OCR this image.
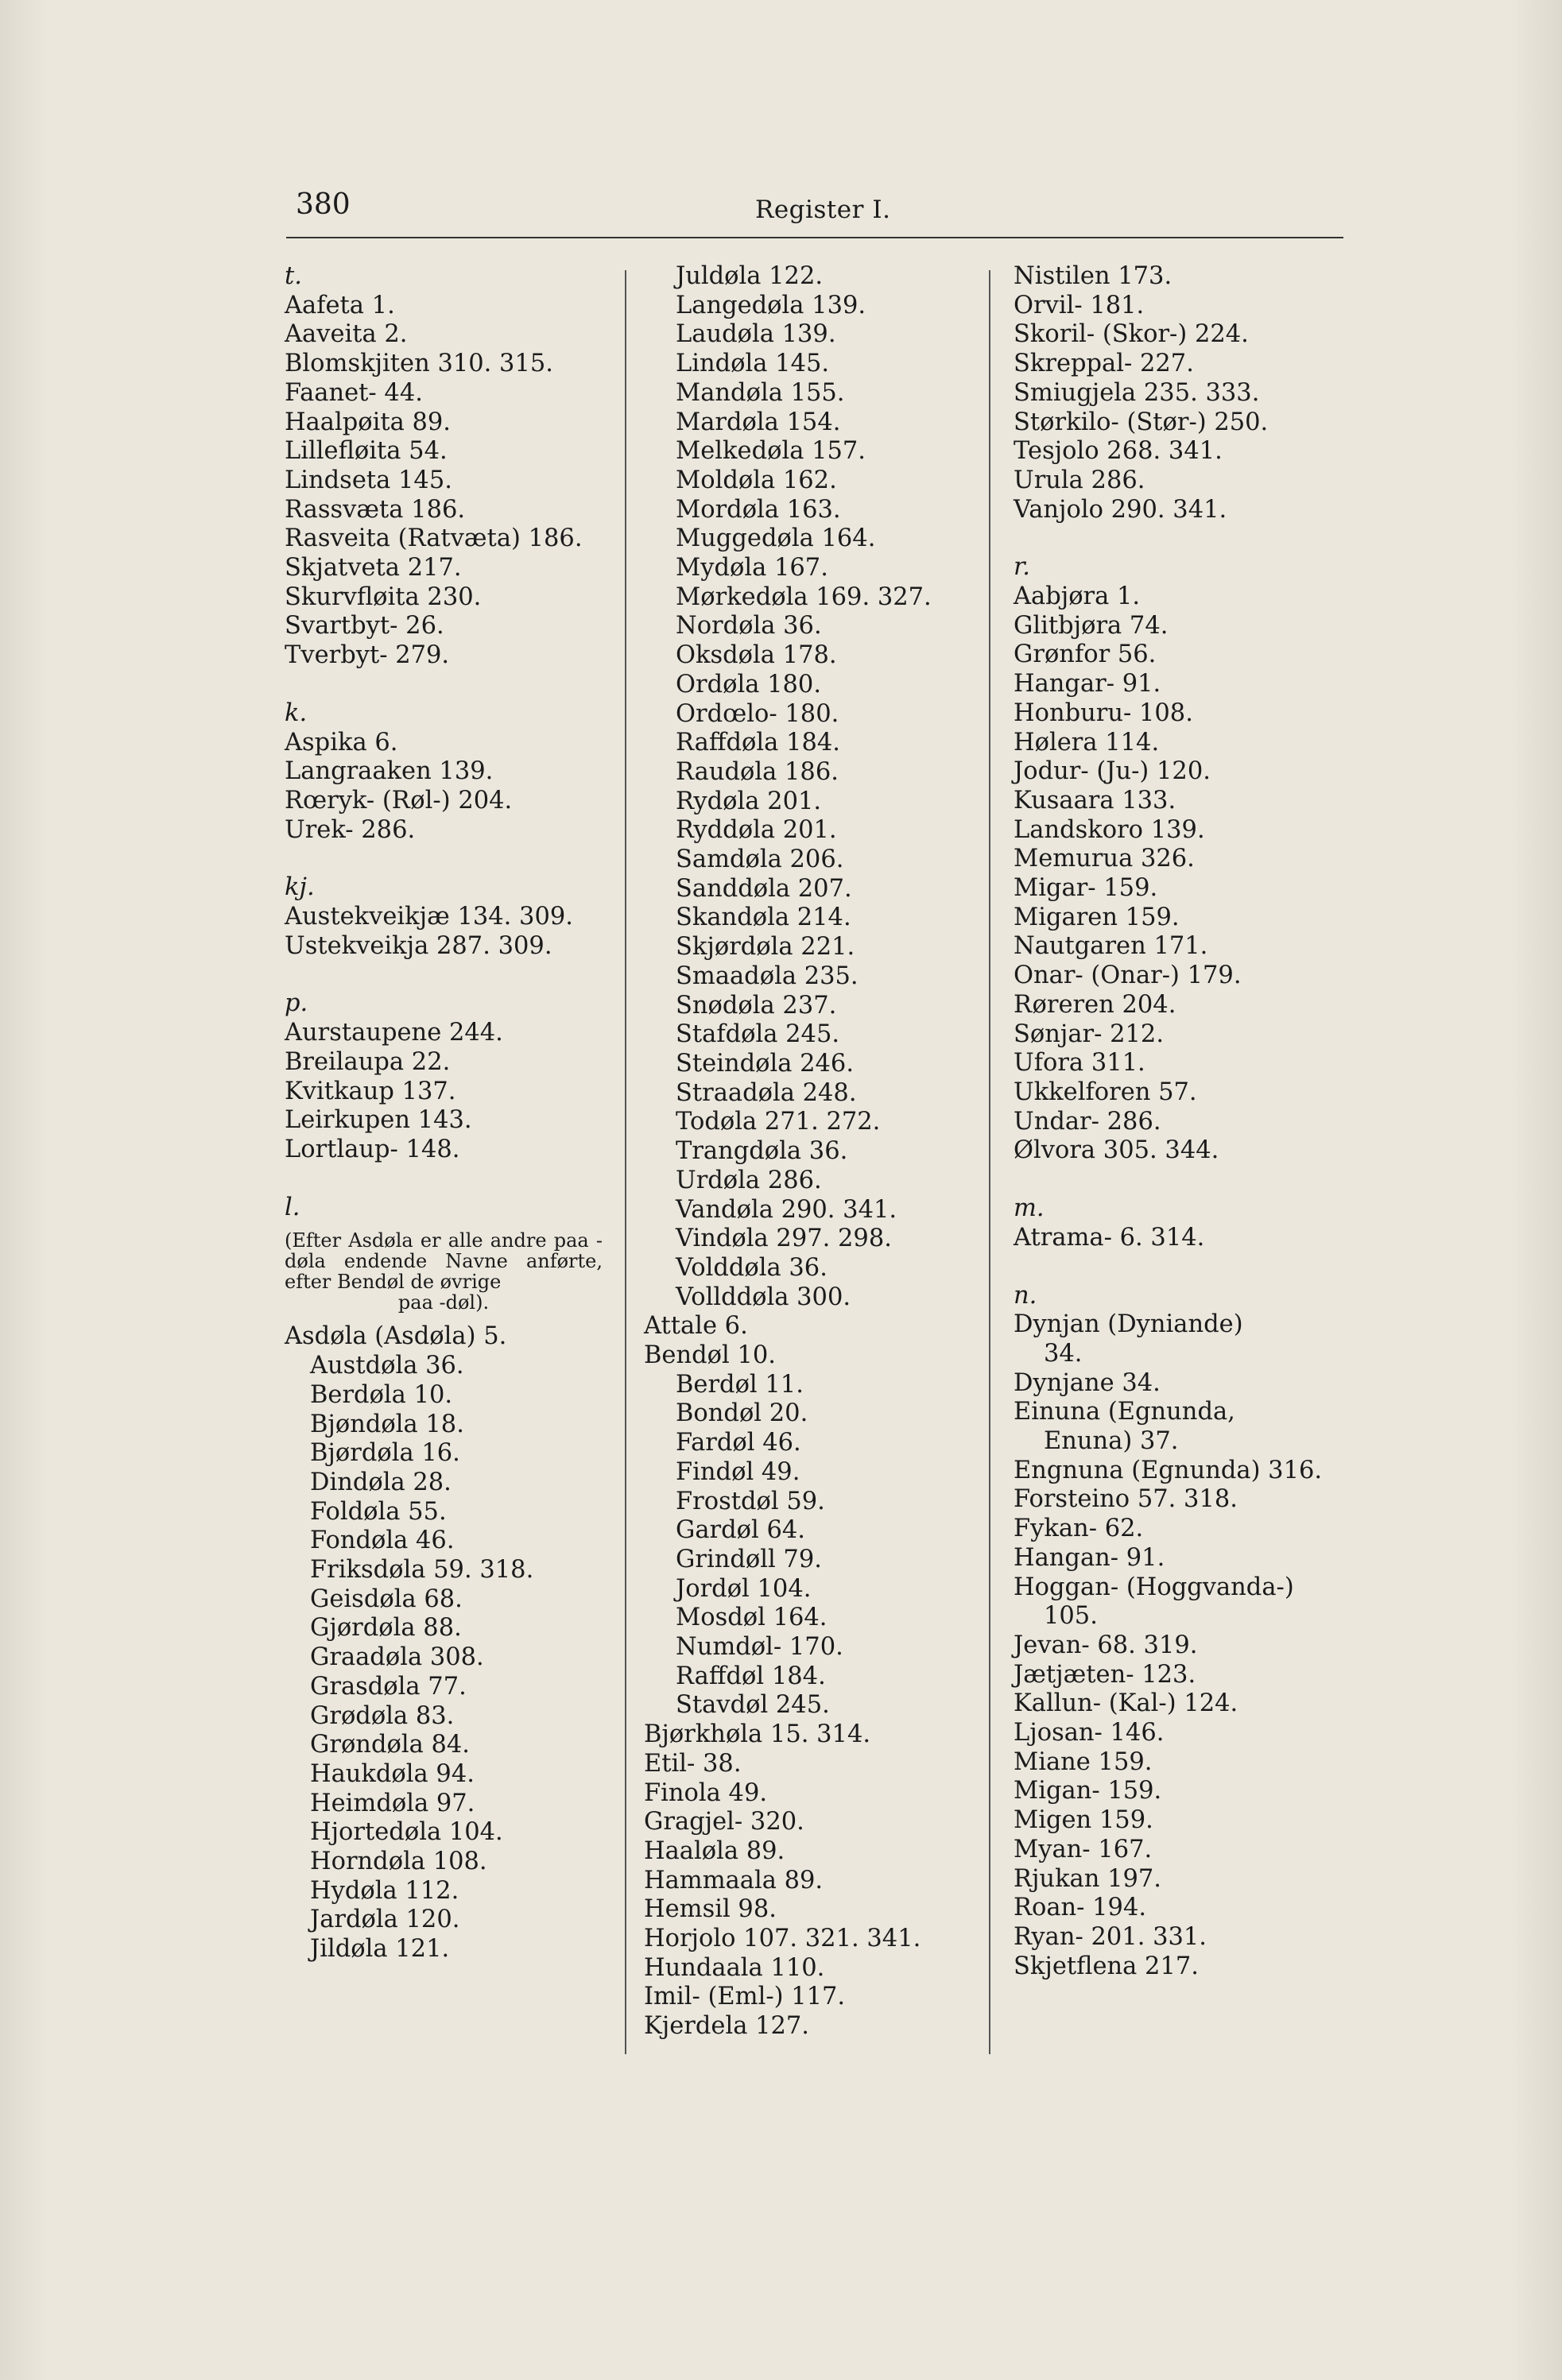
380	Register I.
t.
Aafeta 1.
Aaveita 2.
Blomskjiten 310. 315.
Faanet- 44.
Haalpøita 89.
Lillefløita 54.
Lindseta 145.
Rassvæta 186.
Rasveita (Ratvæta) 186.
Skjatveta 217.
Skurvfløita 230.
Svartbyt- 26.
Tverbyt- 279.
k.
Aspika 6.
Langraaken 139.
Rœryk- (Røl-) 204.
Urek- 286.
kj.
Austekveikjæ 134. 309.
Ustekveikja 287. 309.
p.
Aurstaupene 244.
Breilaupa 22.
Kvitkaup 137.
Leirkupen 143.
Lortlaup- 148.
l.
(Efter Asdøla er alle andre paa -døla endende Navne anførte, efter Bendøl de øvrige
paa -døl).
Asdøla (Asdøla) 5.
Austdøla 36.
Berdøla 10.
Bjøndøla 18.
Bjørdøla 16.
Dindøla 28.
Foldøla 55.
Fondøla 46.
Friksdøla 59. 318.
Geisdøla 68.
Gjørdøla 88.
Graadøla 308.
Grasdøla 77.
Grødøla 83.
Grøndøla 84.
Haukdøla 94.
Heimdøla 97.
Hjortedøla 104.
Horndøla 108.
Hydøla 112.
Jardøla 120.
Jildøla 121.
Juldøla 122.
Langedøla 139.
Laudøla 139.
Lindøla 145.
Mandøla 155.
Mardøla 154.
Melkedøla 157.
Moldøla 162.
Mordøla 163.
Muggedøla 164.
Mydøla 167.
Mørkedøla 169. 327.
Nordøla 36.
Oksdøla 178.
Ordøla 180.
Ordœlo- 180.
Raffdøla 184.
Raudøla 186.
Rydøla 201.
Ryddøla 201.
Samdøla 206.
Sanddøla 207.
Skandøla 214.
Skjørdøla 221.
Smaadøla 235.
Snødøla 237.
Stafdøla 245.
Steindøla 246.
Straadøla 248.
Todøla 271. 272.
Trangdøla 36.
Urdøla 286.
Vandøla 290. 341.
Vindøla 297. 298.
Volddøla 36.
Vollddøla 300.
Attale 6.
Bendøl 10.
Berdøl 11.
Bondøl 20.
Fardøl 46.
Findøl 49.
Frostdøl 59.
Gardøl 64.
Grindøll 79.
Jordøl 104.
Mosdøl 164.
Numdøl- 170.
Raffdøl 184.
Stavdøl 245.
Bjørkhøla 15. 314.
Etil- 38.
Finola 49.
Gragjel- 320.
Haaløla 89.
Hammaala 89.
Hemsil 98.
Horjolo 107. 321. 341.
Hundaala 110.
Imil- (Eml-) 117.
Kjerdela 127.
Nistilen 173.
Orvil- 181.
Skoril- (Skor-) 224.
Skreppal- 227.
Smiugjela 235. 333.
Størkilo- (Stør-) 250.
Tesjolo 268. 341.
Urula 286.
Vanjolo 290. 341.
r.
Aabjøra 1.
Glitbjøra 74.
Grønfor 56.
Hangar- 91.
Honburu- 108.
Hølera 114.
Jodur- (Ju-) 120.
Kusaara 133.
Landskoro 139.
Memurua 326.
Migar- 159.
Migaren 159.
Nautgaren 171.
Onar- (Onar-) 179.
Røreren 204.
Sønjar- 212.
Ufora 311.
Ukkelforen 57.
Undar- 286.
Ølvora 305. 344.
m.
Atrama- 6. 314.
n.
Dynjan (Dyniande)
34.
Dynjane 34.
Einuna (Egnunda,
Enuna) 37.
Engnuna (Egnunda) 316.
Forsteino 57. 318.
Fykan- 62.
Hangan- 91.
Hoggan- (Hoggvanda-)
105.
Jevan- 68. 319.
Jætjæten- 123.
Kallun- (Kal-) 124.
Ljosan- 146.
Miane 159.
Migan- 159.
Migen 159.
Myan- 167.
Rjukan 197.
Roan- 194.
Ryan- 201. 331.
Skjetflena 217.
